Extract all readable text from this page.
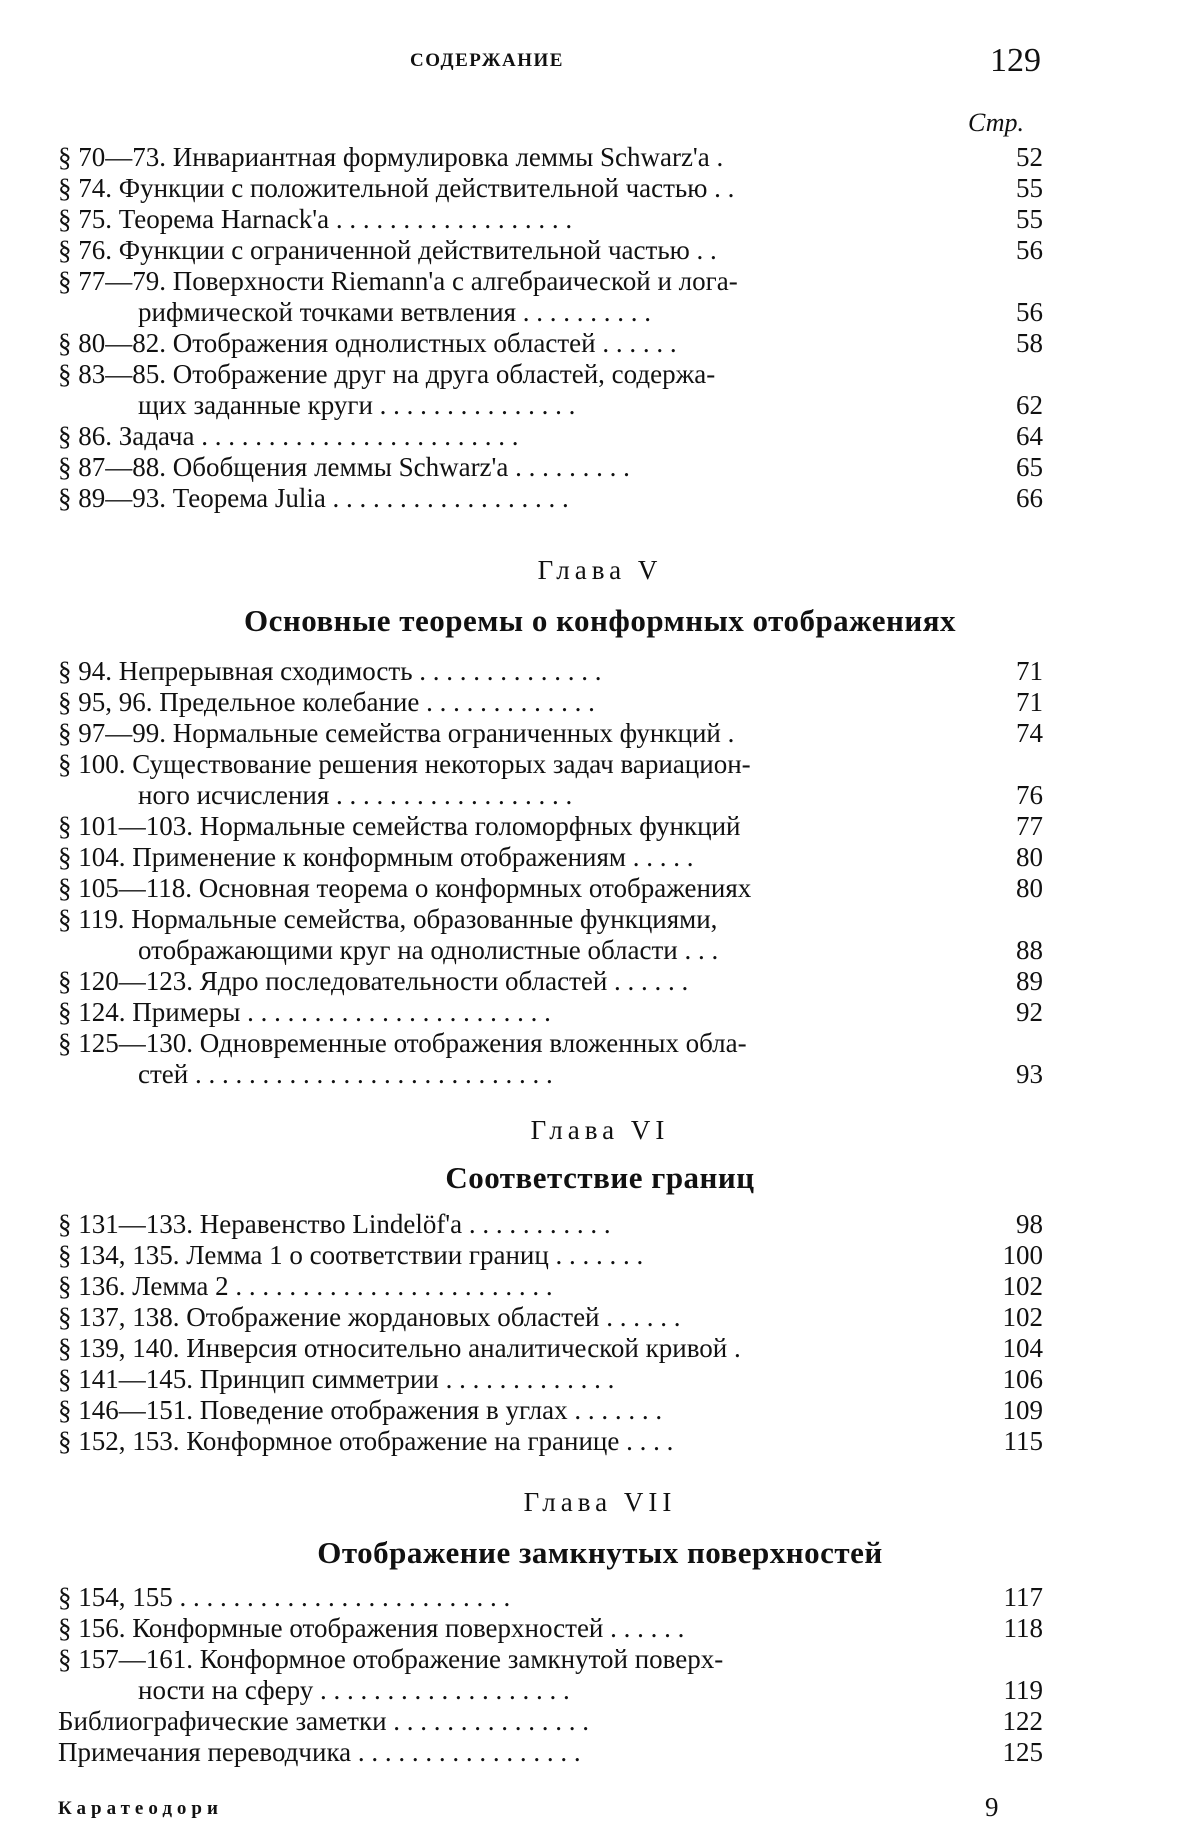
СОДЕРЖАНИЕ	129
Стр.
§ 70—73. Инвариантная формулировка леммы Schwarz'a .	52
§ 74. Функции с положительной действительной частью . .	55
§ 75. Теорема Harnack'a . . . . . . . . . . . . . . . . . .	55
§ 76. Функции с ограниченной действительной частью . .	56
§ 77—79. Поверхности Riemann'a с алгебраической и лога-
рифмической точками ветвления . . . . . . . . . .	56
§ 80—82. Отображения однолистных областей . . . . . .	58
§ 83—85. Отображение друг на друга областей, содержа-
щих заданные круги . . . . . . . . . . . . . . .	62
§ 86. Задача . . . . . . . . . . . . . . . . . . . . . . . .	64
§ 87—88. Обобщения леммы Schwarz'a . . . . . . . . .	65
§ 89—93. Теорема Julia . . . . . . . . . . . . . . . . . .	66
Глава V
Основные теоремы о конформных отображениях
§ 94. Непрерывная сходимость . . . . . . . . . . . . . .	71
§ 95, 96. Предельное колебание . . . . . . . . . . . . .	71
§ 97—99. Нормальные семейства ограниченных функций .	74
§ 100. Существование решения некоторых задач вариацион-
ного исчисления . . . . . . . . . . . . . . . . . .	76
§ 101—103. Нормальные семейства голоморфных функций	77
§ 104. Применение к конформным отображениям . . . . .	80
§ 105—118. Основная теорема о конформных отображениях	80
§ 119. Нормальные семейства, образованные функциями,
отображающими круг на однолистные области . . .	88
§ 120—123. Ядро последовательности областей . . . . . .	89
§ 124. Примеры . . . . . . . . . . . . . . . . . . . . . . .	92
§ 125—130. Одновременные отображения вложенных обла-
стей . . . . . . . . . . . . . . . . . . . . . . . . . . .	93
Глава VI
Соответствие границ
§ 131—133. Неравенство Lindelöf'a . . . . . . . . . . .	98
§ 134, 135. Лемма 1 о соответствии границ . . . . . . .	100
§ 136. Лемма 2 . . . . . . . . . . . . . . . . . . . . . . . .	102
§ 137, 138. Отображение жордановых областей . . . . . .	102
§ 139, 140. Инверсия относительно аналитической кривой .	104
§ 141—145. Принцип симметрии . . . . . . . . . . . . .	106
§ 146—151. Поведение отображения в углах . . . . . . .	109
§ 152, 153. Конформное отображение на границе . . . .	115
Глава VII
Отображение замкнутых поверхностей
§ 154, 155 . . . . . . . . . . . . . . . . . . . . . . . . .	117
§ 156. Конформные отображения поверхностей . . . . . .	118
§ 157—161. Конформное отображение замкнутой поверх-
ности на сферу . . . . . . . . . . . . . . . . . . .	119
Библиографические заметки . . . . . . . . . . . . . . .	122
Примечания переводчика . . . . . . . . . . . . . . . . .	125
Каратеодори	9
